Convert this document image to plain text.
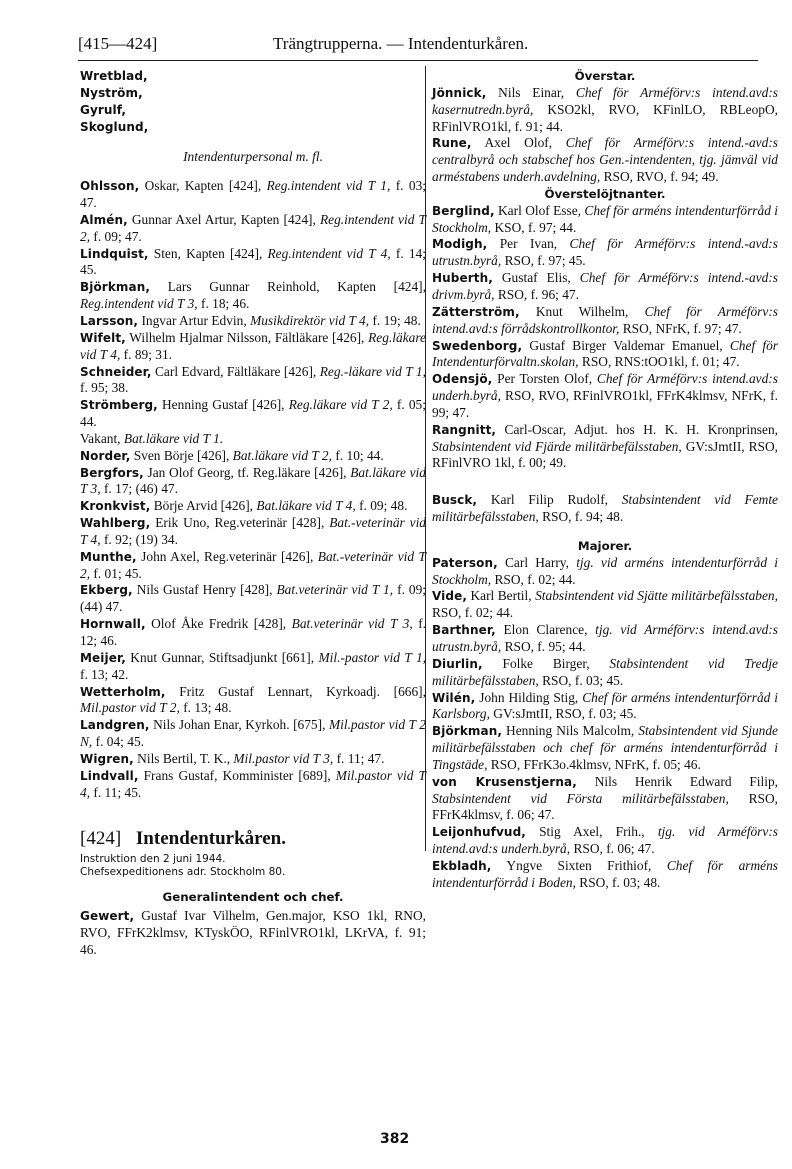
[415—424]	Trängtrupperna. — Intendenturkåren.
Wretblad,
Nyström,
Gyrulf,
Skoglund,
Intendenturpersonal m. fl.
Ohlsson, Oskar, Kapten [424], Reg.intendent vid T 1, f. 03; 47.
Almén, Gunnar Axel Artur, Kapten [424], Reg.intendent vid T 2, f. 09; 47.
Lindquist, Sten, Kapten [424], Reg.intendent vid T 4, f. 14; 45.
Björkman, Lars Gunnar Reinhold, Kapten [424], Reg.intendent vid T 3, f. 18; 46.
Larsson, Ingvar Artur Edvin, Musikdirektör vid T 4, f. 19; 48.
Wifelt, Wilhelm Hjalmar Nilsson, Fältläkare [426], Reg.läkare vid T 4, f. 89; 31.
Schneider, Carl Edvard, Fältläkare [426], Reg.-läkare vid T 1, f. 95; 38.
Strömberg, Henning Gustaf [426], Reg.läkare vid T 2, f. 05; 44.
Vakant, Bat.läkare vid T 1.
Norder, Sven Börje [426], Bat.läkare vid T 2, f. 10; 44.
Bergfors, Jan Olof Georg, tf. Reg.läkare [426], Bat.läkare vid T 3, f. 17; (46) 47.
Kronkvist, Börje Arvid [426], Bat.läkare vid T 4, f. 09; 48.
Wahlberg, Erik Uno, Reg.veterinär [428], Bat.-veterinär vid T 4, f. 92; (19) 34.
Munthe, John Axel, Reg.veterinär [426], Bat.-veterinär vid T 2, f. 01; 45.
Ekberg, Nils Gustaf Henry [428], Bat.veterinär vid T 1, f. 09; (44) 47.
Hornwall, Olof Åke Fredrik [428], Bat.veterinär vid T 3, f. 12; 46.
Meijer, Knut Gunnar, Stiftsadjunkt [661], Mil.-pastor vid T 1, f. 13; 42.
Wetterholm, Fritz Gustaf Lennart, Kyrkoadj. [666], Mil.pastor vid T 2, f. 13; 48.
Landgren, Nils Johan Enar, Kyrkoh. [675], Mil.pastor vid T 2 N, f. 04; 45.
Wigren, Nils Bertil, T. K., Mil.pastor vid T 3, f. 11; 47.
Lindvall, Frans Gustaf, Komminister [689], Mil.pastor vid T 4, f. 11; 45.
[424] Intendenturkåren.
Instruktion den 2 juni 1944.
Chefsexpeditionens adr. Stockholm 80.
Generalintendent och chef.
Gewert, Gustaf Ivar Vilhelm, Gen.major, KSO 1kl, RNO, RVO, FFrK2klmsv, KTyskÖO, RFinlVRO1kl, LKrVA, f. 91; 46.
Överstar.
Jönnick, Nils Einar, Chef för Arméförv:s intend.avd:s kasernutredn.byrå, KSO2kl, RVO, KFinlLO, RBLeopO, RFinlVRO1kl, f. 91; 44.
Rune, Axel Olof, Chef för Arméförv:s intend.-avd:s centralbyrå och stabschef hos Gen.-intendenten, tjg. jämväl vid arméstabens underh.avdelning, RSO, RVO, f. 94; 49.
Överstelöjtnanter.
Berglind, Karl Olof Esse, Chef för arméns intendenturförråd i Stockholm, KSO, f. 97; 44.
Modigh, Per Ivan, Chef för Arméförv:s intend.-avd:s utrustn.byrå, RSO, f. 97; 45.
Huberth, Gustaf Elis, Chef för Arméförv:s intend.-avd:s drivm.byrå, RSO, f. 96; 47.
Zätterström, Knut Wilhelm, Chef för Arméförv:s intend.avd:s förrådskontrollkontor, RSO, NFrK, f. 97; 47.
Swedenborg, Gustaf Birger Valdemar Emanuel, Chef för Intendenturförvaltn.skolan, RSO, RNS:tOO1kl, f. 01; 47.
Odensjö, Per Torsten Olof, Chef för Arméförv:s intend.avd:s underh.byrå, RSO, RVO, RFinlVRO1kl, FFrK4klmsv, NFrK, f. 99; 47.
Rangnitt, Carl-Oscar, Adjut. hos H. K. H. Kronprinsen, Stabsintendent vid Fjärde militärbefälsstaben, GV:sJmtII, RSO, RFinlVRO 1kl, f. 00; 49.
Busck, Karl Filip Rudolf, Stabsintendent vid Femte militärbefälsstaben, RSO, f. 94; 48.
Majorer.
Paterson, Carl Harry, tjg. vid arméns intendenturförråd i Stockholm, RSO, f. 02; 44.
Vide, Karl Bertil, Stabsintendent vid Sjätte militärbefälsstaben, RSO, f. 02; 44.
Barthner, Elon Clarence, tjg. vid Arméförv:s intend.avd:s utrustn.byrå, RSO, f. 95; 44.
Diurlin, Folke Birger, Stabsintendent vid Tredje militärbefälsstaben, RSO, f. 03; 45.
Wilén, John Hilding Stig, Chef för arméns intendenturförråd i Karlsborg, GV:sJmtII, RSO, f. 03; 45.
Björkman, Henning Nils Malcolm, Stabsintendent vid Sjunde militärbefälsstaben och chef för arméns intendenturförråd i Tingstäde, RSO, FFrK3o.4klmsv, NFrK, f. 05; 46.
von Krusenstjerna, Nils Henrik Edward Filip, Stabsintendent vid Första militärbefälsstaben, RSO, FFrK4klmsv, f. 06; 47.
Leijonhufvud, Stig Axel, Frih., tjg. vid Arméförv:s intend.avd:s underh.byrå, RSO, f. 06; 47.
Ekbladh, Yngve Sixten Frithiof, Chef för arméns intendenturförråd i Boden, RSO, f. 03; 48.
382
